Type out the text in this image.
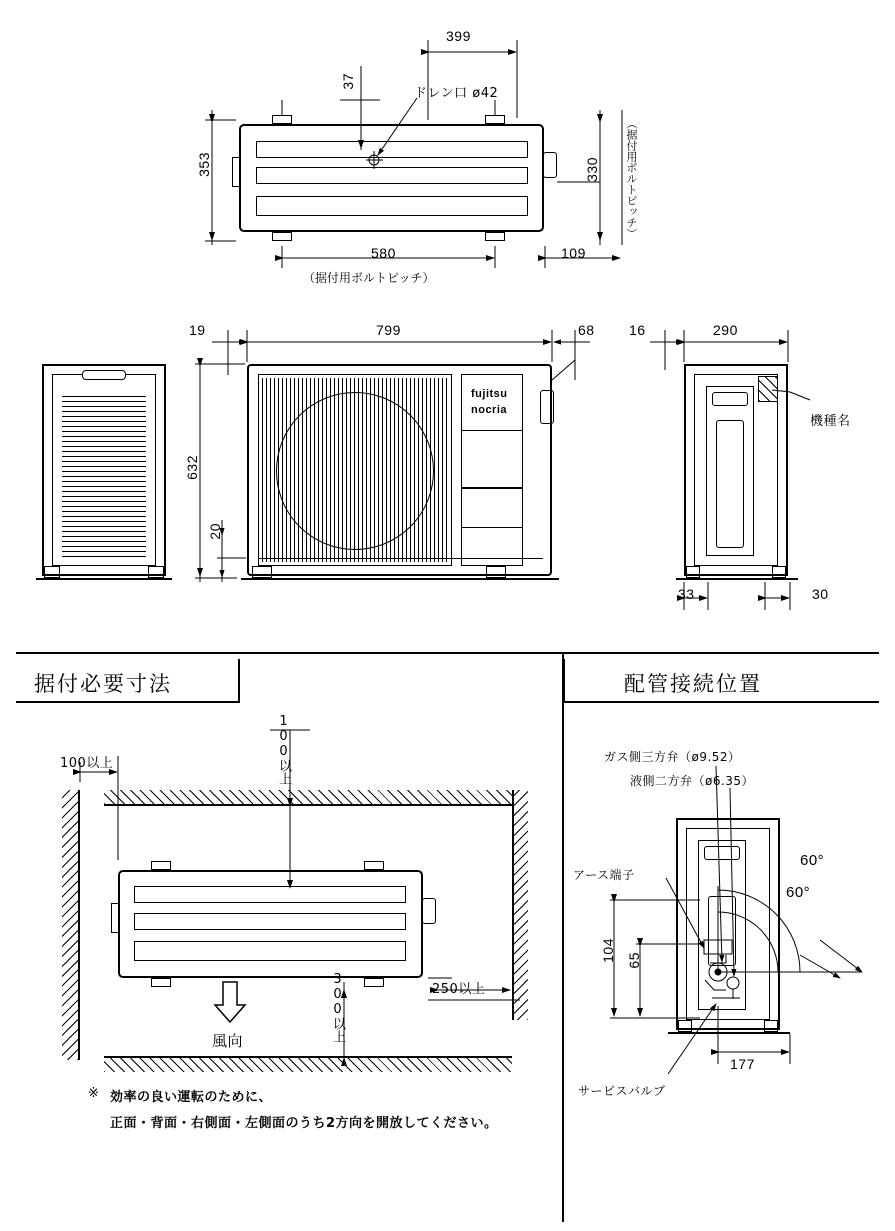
399
37
ドレン口 ø42
353	330 （据付用ボルトピッチ）
580
（据付用ボルトピッチ）
109
fujitsu
nocria
19	799	68
632
20
16	290
機種名
33	30
据付必要寸法
100以上	100以上
300以上	250以上
風向
※ 効率の良い運転のために、
正面・背面・右側面・左側面のうち2方向を開放してください。
配管接続位置
ガス側三方弁（ø9.52）
液側二方弁（ø6.35）
アース端子
サービスバルブ
60°
60°
104 65
177
